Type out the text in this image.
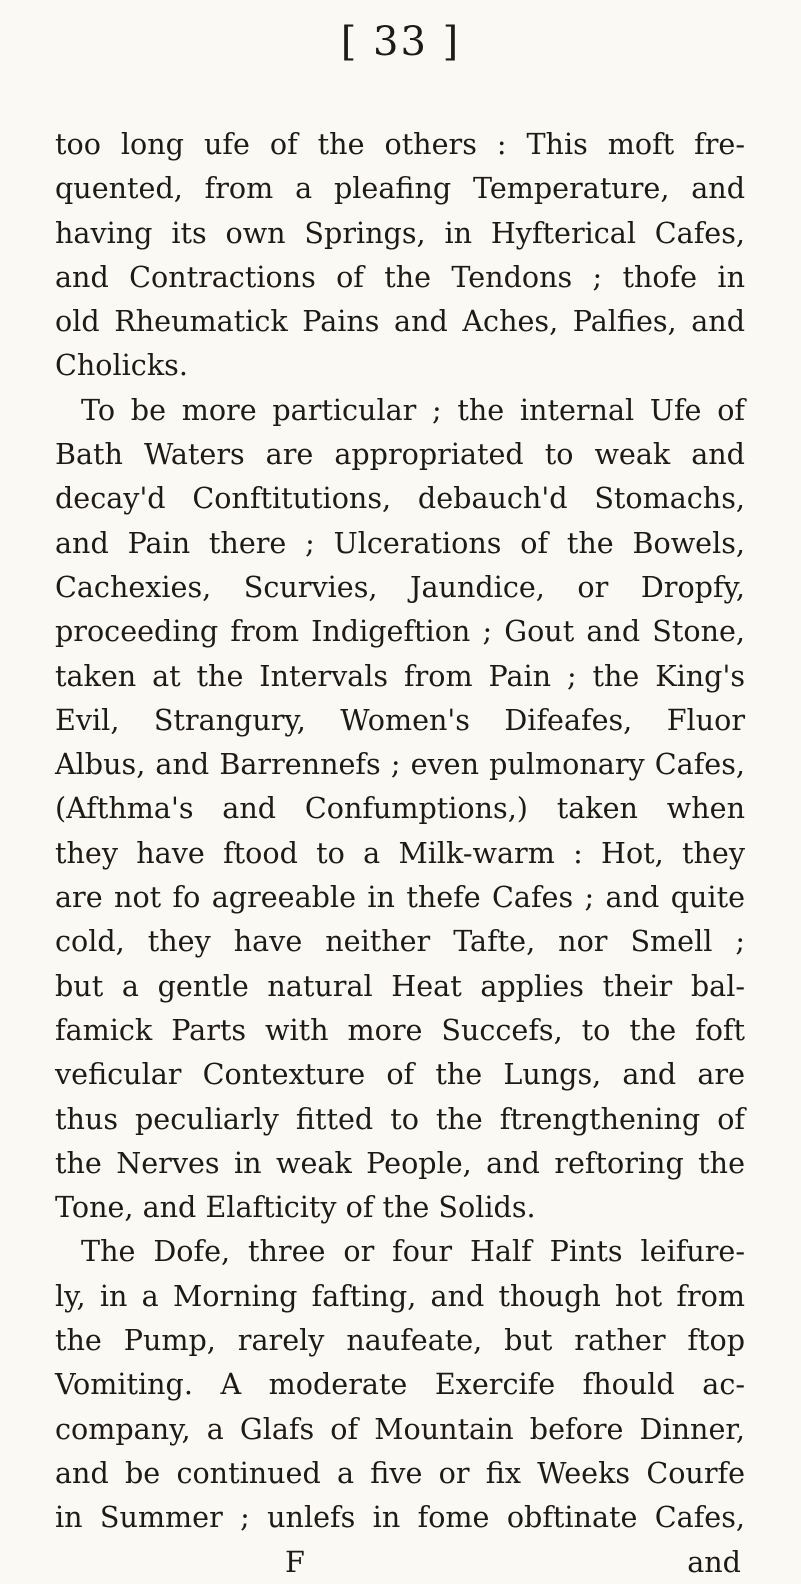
[ 33 ]
too long ufe of the others : This moft fre-
quented, from a pleafing Temperature, and
having its own Springs, in Hyfterical Cafes,
and Contractions of the Tendons ; thofe in
old Rheumatick Pains and Aches, Palfies, and
Cholicks.
To be more particular ; the internal Ufe of
Bath Waters are appropriated to weak and
decay'd Conftitutions, debauch'd Stomachs,
and Pain there ; Ulcerations of the Bowels,
Cachexies, Scurvies, Jaundice, or Dropfy,
proceeding from Indigeftion ; Gout and Stone,
taken at the Intervals from Pain ; the King's
Evil, Strangury, Women's Difeafes, Fluor
Albus, and Barrennefs ; even pulmonary Cafes,
(Afthma's and Confumptions,) taken when
they have ftood to a Milk-warm : Hot, they
are not fo agreeable in thefe Cafes ; and quite
cold, they have neither Tafte, nor Smell ;
but a gentle natural Heat applies their bal-
famick Parts with more Succefs, to the foft
veficular Contexture of the Lungs, and are
thus peculiarly fitted to the ftrengthening of
the Nerves in weak People, and reftoring the
Tone, and Elafticity of the Solids.
The Dofe, three or four Half Pints leifure-
ly, in a Morning fafting, and though hot from
the Pump, rarely naufeate, but rather ftop
Vomiting. A moderate Exercife fhould ac-
company, a Glafs of Mountain before Dinner,
and be continued a five or fix Weeks Courfe
in Summer ; unlefs in fome obftinate Cafes,
F	and
